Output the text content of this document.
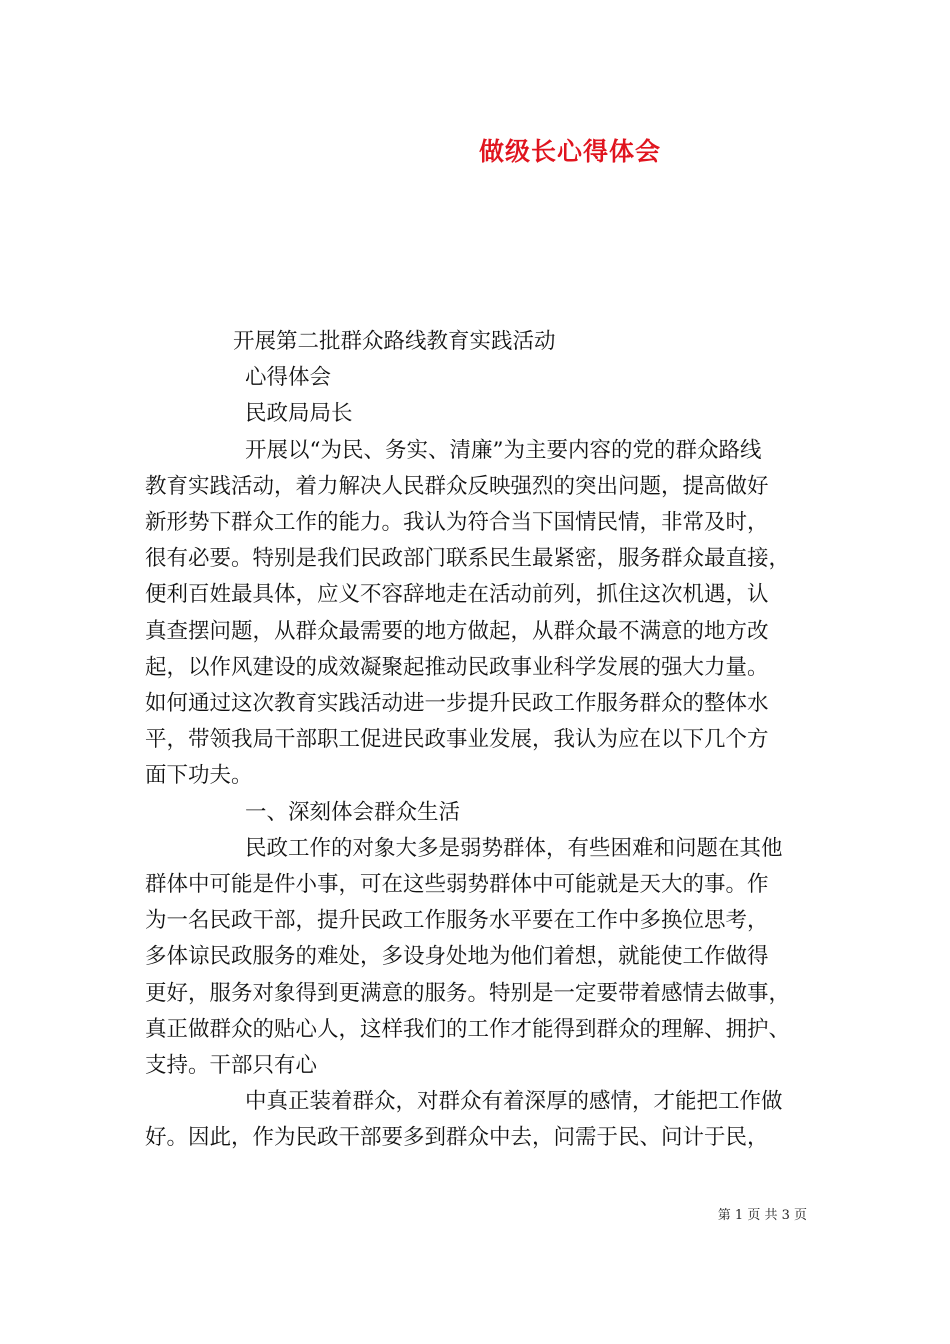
做级长心得体会
开展第二批群众路线教育实践活动
心得体会
民政局局长
开展以“为民、务实、清廉”为主要内容的党的群众路线
教育实践活动，着力解决人民群众反映强烈的突出问题，提高做好
新形势下群众工作的能力。我认为符合当下国情民情，非常及时，
很有必要。特别是我们民政部门联系民生最紧密，服务群众最直接，
便利百姓最具体，应义不容辞地走在活动前列，抓住这次机遇，认
真查摆问题，从群众最需要的地方做起，从群众最不满意的地方改
起，以作风建设的成效凝聚起推动民政事业科学发展的强大力量。
如何通过这次教育实践活动进一步提升民政工作服务群众的整体水
平，带领我局干部职工促进民政事业发展，我认为应在以下几个方
面下功夫。
一、深刻体会群众生活
民政工作的对象大多是弱势群体，有些困难和问题在其他
群体中可能是件小事，可在这些弱势群体中可能就是天大的事。作
为一名民政干部，提升民政工作服务水平要在工作中多换位思考，
多体谅民政服务的难处，多设身处地为他们着想，就能使工作做得
更好，服务对象得到更满意的服务。特别是一定要带着感情去做事，
真正做群众的贴心人，这样我们的工作才能得到群众的理解、拥护、
支持。干部只有心
中真正装着群众，对群众有着深厚的感情，才能把工作做
好。因此，作为民政干部要多到群众中去，问需于民、问计于民，
第 1 页 共 3 页
